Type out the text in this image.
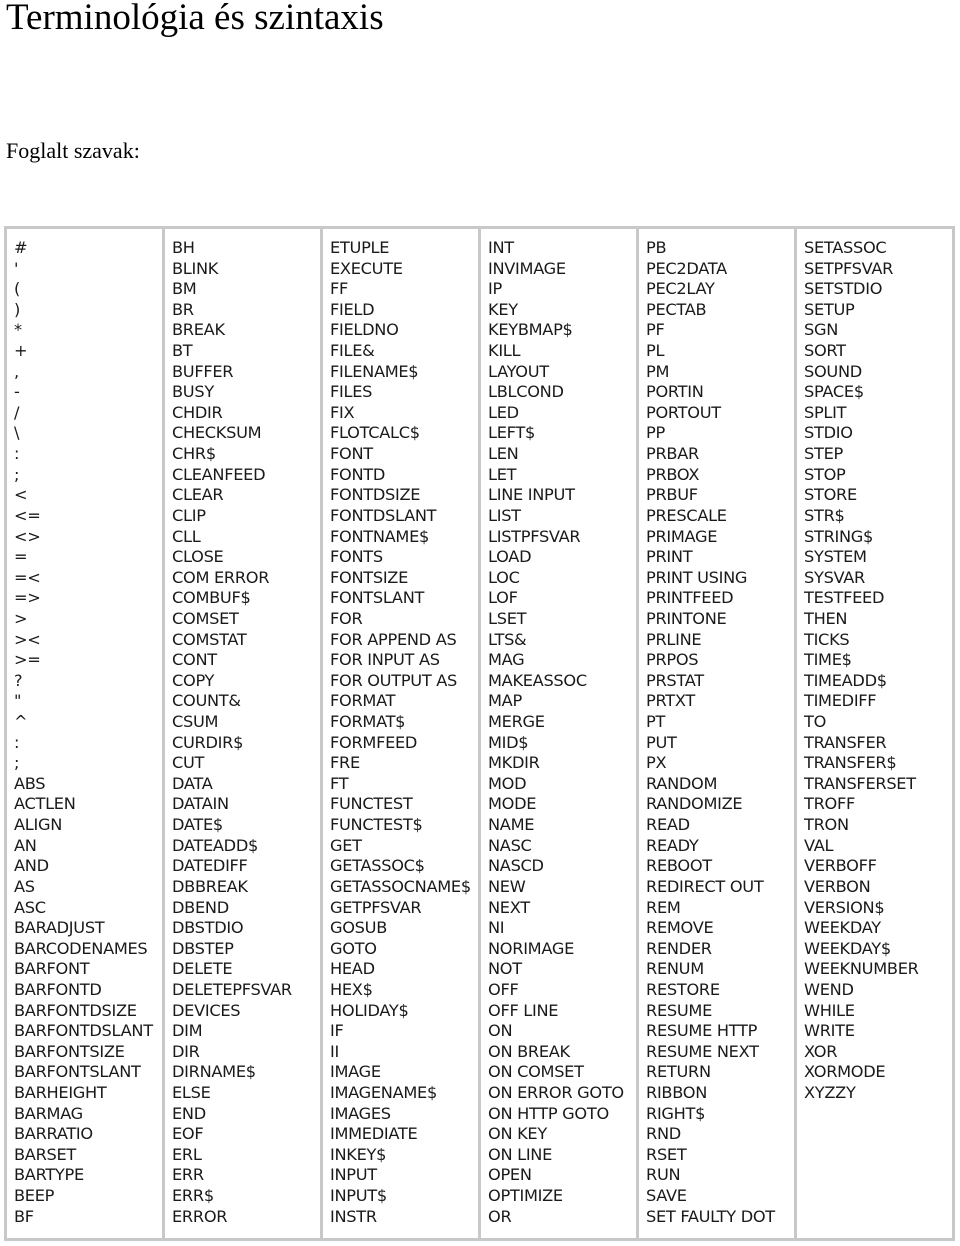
Terminológia és szintaxis
Foglalt szavak:
#
'
(
)
*
+
,
-
/
\
:
;
<
<=
<>
=
=<
=>
>
><
>=
?
"
^
:
;
ABS
ACTLEN
ALIGN
AN
AND
AS
ASC
BARADJUST
BARCODENAMES
BARFONT
BARFONTD
BARFONTDSIZE
BARFONTDSLANT
BARFONTSIZE
BARFONTSLANT
BARHEIGHT
BARMAG
BARRATIO
BARSET
BARTYPE
BEEP
BF
BH
BLINK
BM
BR
BREAK
BT
BUFFER
BUSY
CHDIR
CHECKSUM
CHR$
CLEANFEED
CLEAR
CLIP
CLL
CLOSE
COM ERROR
COMBUF$
COMSET
COMSTAT
CONT
COPY
COUNT&
CSUM
CURDIR$
CUT
DATA
DATAIN
DATE$
DATEADD$
DATEDIFF
DBBREAK
DBEND
DBSTDIO
DBSTEP
DELETE
DELETEPFSVAR
DEVICES
DIM
DIR
DIRNAME$
ELSE
END
EOF
ERL
ERR
ERR$
ERROR
ETUPLE
EXECUTE
FF
FIELD
FIELDNO
FILE&
FILENAME$
FILES
FIX
FLOTCALC$
FONT
FONTD
FONTDSIZE
FONTDSLANT
FONTNAME$
FONTS
FONTSIZE
FONTSLANT
FOR
FOR APPEND AS
FOR INPUT AS
FOR OUTPUT AS
FORMAT
FORMAT$
FORMFEED
FRE
FT
FUNCTEST
FUNCTEST$
GET
GETASSOC$
GETASSOCNAME$
GETPFSVAR
GOSUB
GOTO
HEAD
HEX$
HOLIDAY$
IF
II
IMAGE
IMAGENAME$
IMAGES
IMMEDIATE
INKEY$
INPUT
INPUT$
INSTR
INT
INVIMAGE
IP
KEY
KEYBMAP$
KILL
LAYOUT
LBLCOND
LED
LEFT$
LEN
LET
LINE INPUT
LIST
LISTPFSVAR
LOAD
LOC
LOF
LSET
LTS&
MAG
MAKEASSOC
MAP
MERGE
MID$
MKDIR
MOD
MODE
NAME
NASC
NASCD
NEW
NEXT
NI
NORIMAGE
NOT
OFF
OFF LINE
ON
ON BREAK
ON COMSET
ON ERROR GOTO
ON HTTP GOTO
ON KEY
ON LINE
OPEN
OPTIMIZE
OR
PB
PEC2DATA
PEC2LAY
PECTAB
PF
PL
PM
PORTIN
PORTOUT
PP
PRBAR
PRBOX
PRBUF
PRESCALE
PRIMAGE
PRINT
PRINT USING
PRINTFEED
PRINTONE
PRLINE
PRPOS
PRSTAT
PRTXT
PT
PUT
PX
RANDOM
RANDOMIZE
READ
READY
REBOOT
REDIRECT OUT
REM
REMOVE
RENDER
RENUM
RESTORE
RESUME
RESUME HTTP
RESUME NEXT
RETURN
RIBBON
RIGHT$
RND
RSET
RUN
SAVE
SET FAULTY DOT
SETASSOC
SETPFSVAR
SETSTDIO
SETUP
SGN
SORT
SOUND
SPACE$
SPLIT
STDIO
STEP
STOP
STORE
STR$
STRING$
SYSTEM
SYSVAR
TESTFEED
THEN
TICKS
TIME$
TIMEADD$
TIMEDIFF
TO
TRANSFER
TRANSFER$
TRANSFERSET
TROFF
TRON
VAL
VERBOFF
VERBON
VERSION$
WEEKDAY
WEEKDAY$
WEEKNUMBER
WEND
WHILE
WRITE
XOR
XORMODE
XYZZY
